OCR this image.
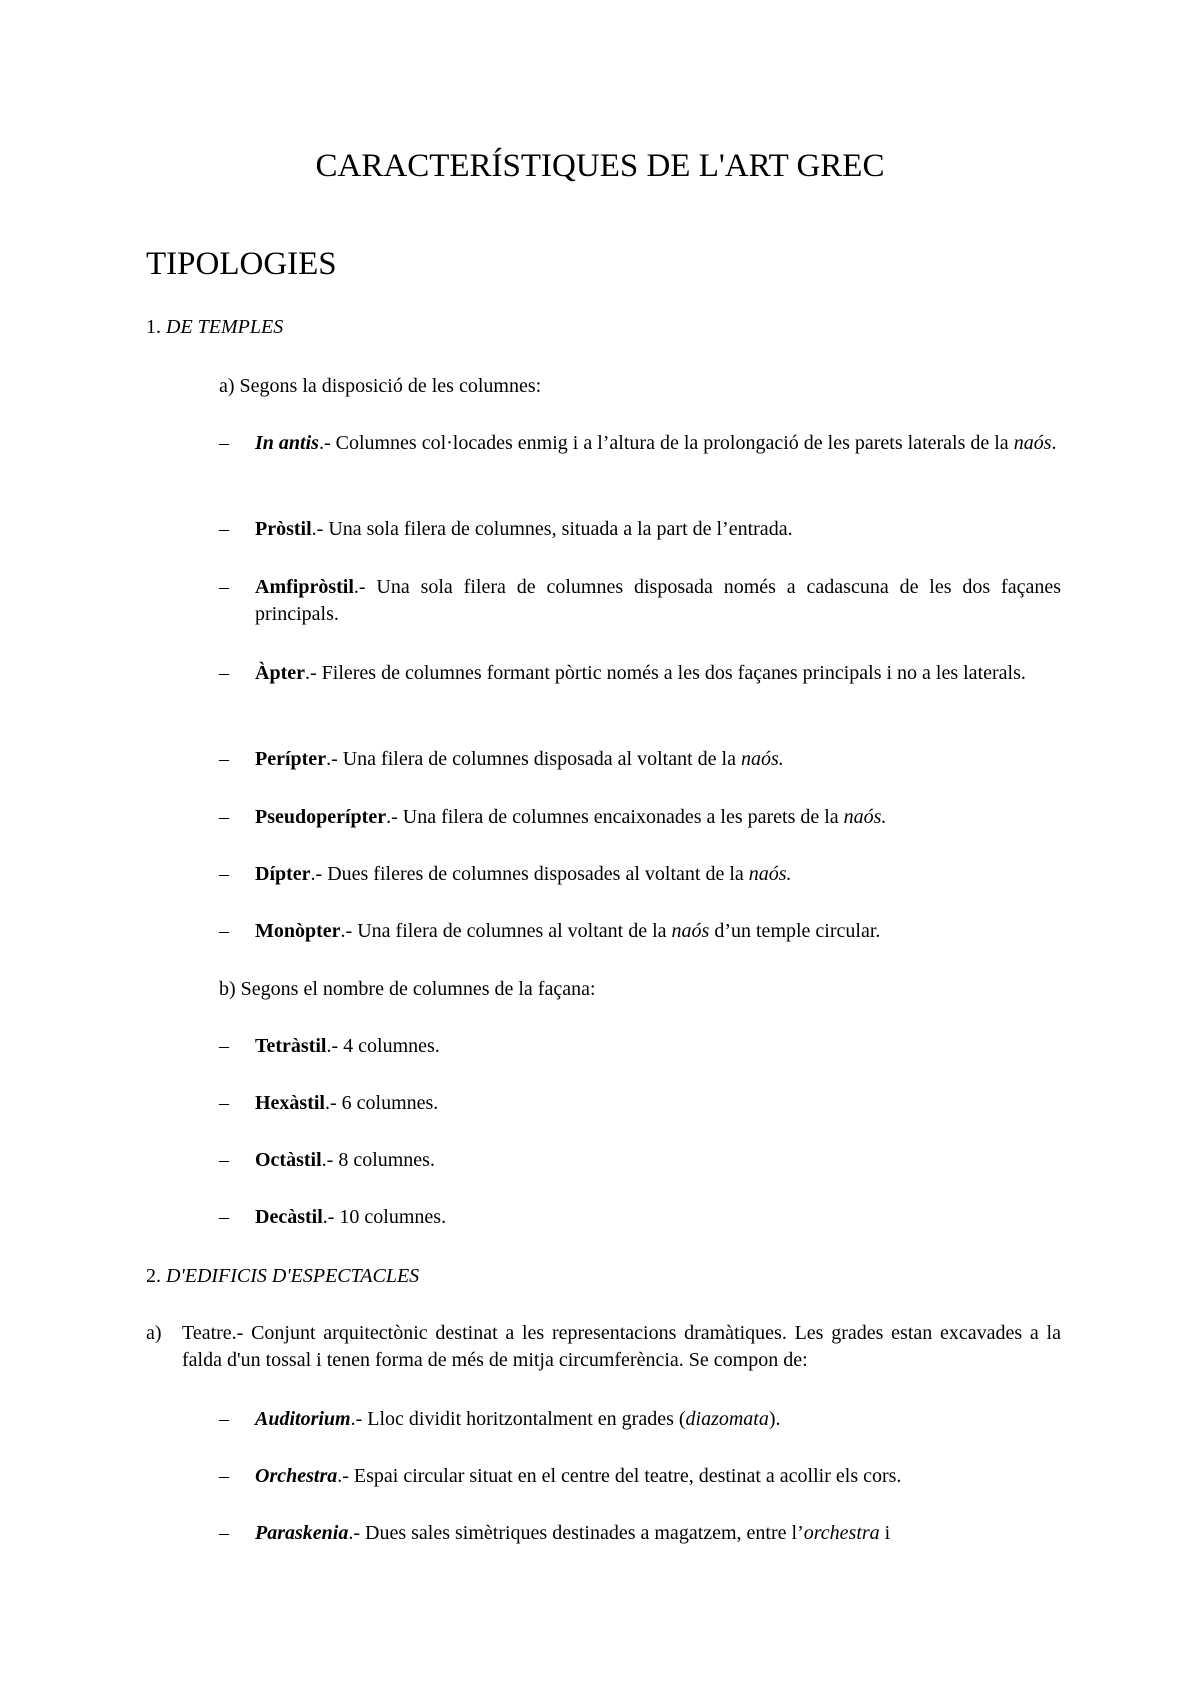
CARACTERÍSTIQUES DE L'ART GREC
TIPOLOGIES
1. DE TEMPLES
a) Segons la disposició de les columnes:
–	In antis.- Columnes col·locades enmig i a l’altura de la prolongació de les parets laterals de la naós.
–	Pròstil.- Una sola filera de columnes, situada a la part de l’entrada.
–	Amfipròstil.- Una sola filera de columnes disposada només a cadascuna de les dos façanes principals.
–	Àpter.- Fileres de columnes formant pòrtic només a les dos façanes principals i no a les laterals.
–	Perípter.- Una filera de columnes disposada al voltant de la naós.
–	Pseudoperípter.- Una filera de columnes encaixonades a les parets de la naós.
–	Dípter.- Dues fileres de columnes disposades al voltant de la naós.
–	Monòpter.- Una filera de columnes al voltant de la naós d’un temple circular.
b) Segons el nombre de columnes de la façana:
–	Tetràstil.- 4 columnes.
–	Hexàstil.- 6 columnes.
–	Octàstil.- 8 columnes.
–	Decàstil.- 10 columnes.
2. D'EDIFICIS D'ESPECTACLES
a) Teatre.- Conjunt arquitectònic destinat a les representacions dramàtiques. Les grades estan excavades a la falda d'un tossal i tenen forma de més de mitja circumferència. Se compon de:
–	Auditorium.- Lloc dividit horitzontalment en grades (diazomata).
–	Orchestra.- Espai circular situat en el centre del teatre, destinat a acollir els cors.
–	Paraskenia.- Dues sales simètriques destinades a magatzem, entre l’orchestra i
